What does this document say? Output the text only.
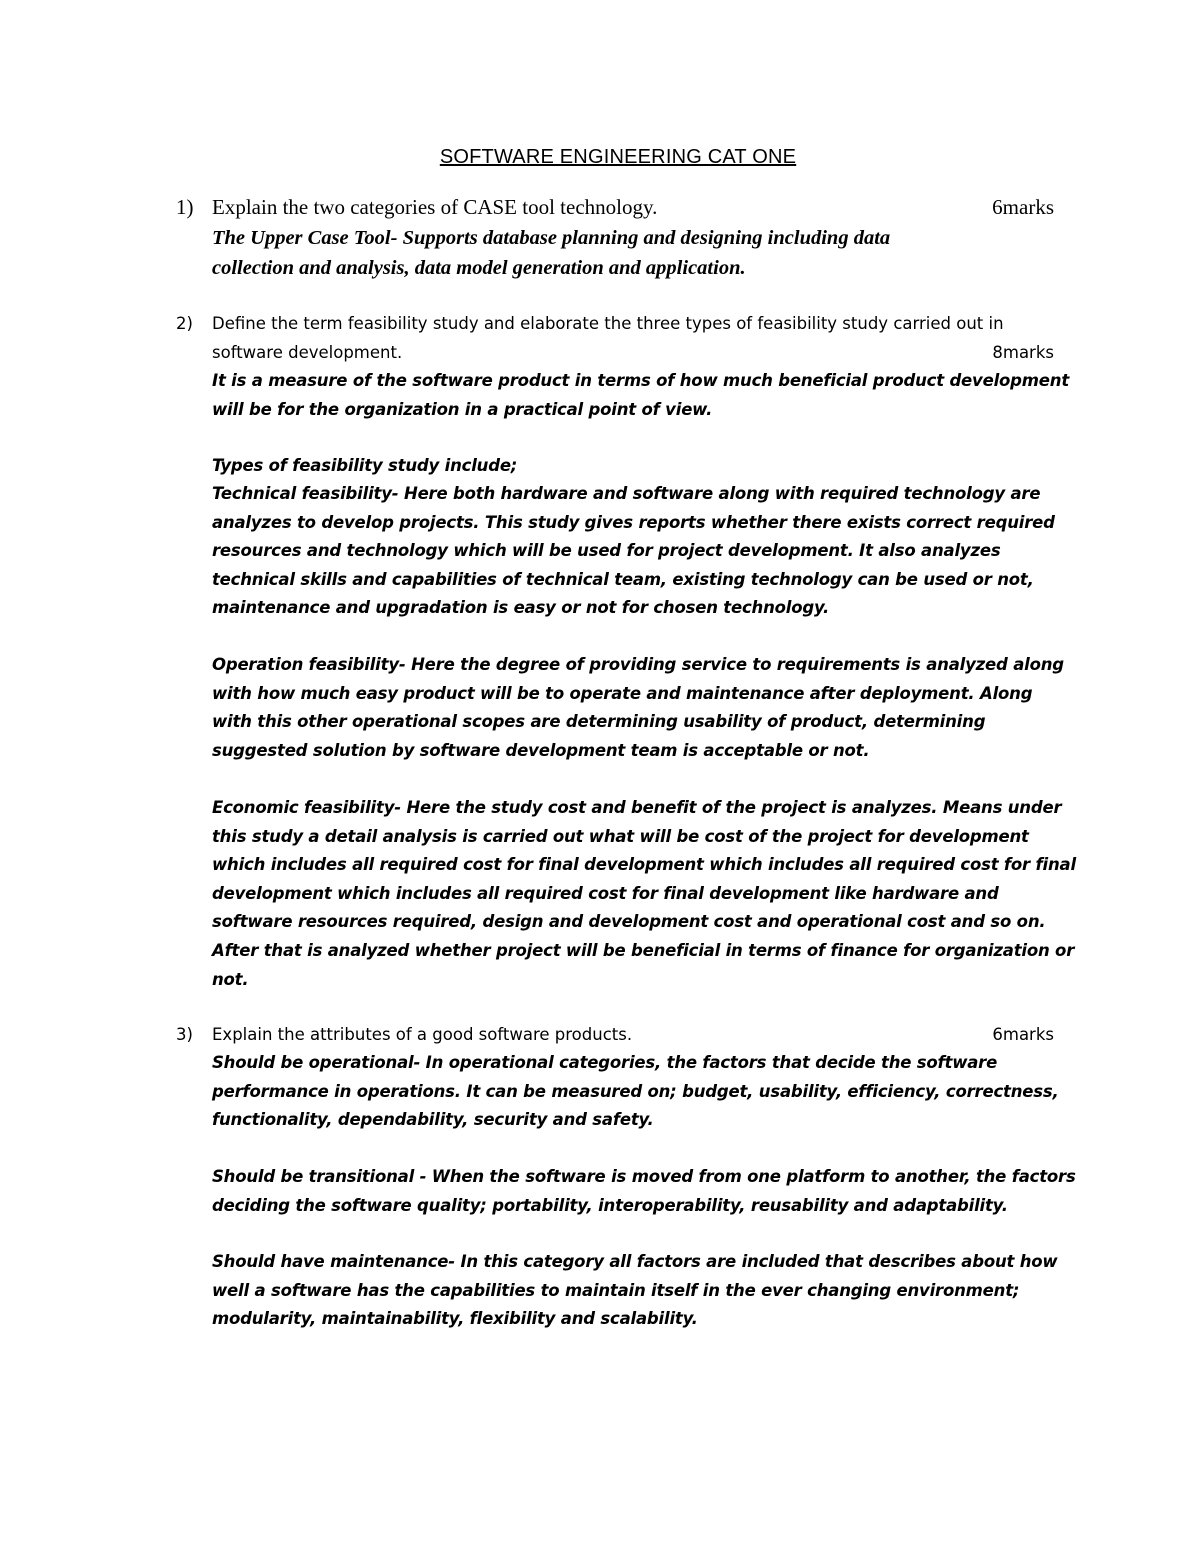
SOFTWARE ENGINEERING CAT ONE
1) Explain the two categories of CASE tool technology.	6marks
The Upper Case Tool- Supports database planning and designing including data
collection and analysis, data model generation and application.
2) Define the term feasibility study and elaborate the three types of feasibility study carried out in
software development.	8marks
It is a measure of the software product in terms of how much beneficial product development
will be for the organization in a practical point of view.
Types of feasibility study include;
Technical feasibility- Here both hardware and software along with required technology are
analyzes to develop projects. This study gives reports whether there exists correct required
resources and technology which will be used for project development. It also analyzes
technical skills and capabilities of technical team, existing technology can be used or not,
maintenance and upgradation is easy or not for chosen technology.
Operation feasibility- Here the degree of providing service to requirements is analyzed along
with how much easy product will be to operate and maintenance after deployment. Along
with this other operational scopes are determining usability of product, determining
suggested solution by software development team is acceptable or not.
Economic feasibility- Here the study cost and benefit of the project is analyzes. Means under
this study a detail analysis is carried out what will be cost of the project for development
which includes all required cost for final development which includes all required cost for final
development which includes all required cost for final development like hardware and
software resources required, design and development cost and operational cost and so on.
After that is analyzed whether project will be beneficial in terms of finance for organization or
not.
3) Explain the attributes of a good software products.	6marks
Should be operational- In operational categories, the factors that decide the software
performance in operations. It can be measured on; budget, usability, efficiency, correctness,
functionality, dependability, security and safety.
Should be transitional - When the software is moved from one platform to another, the factors
deciding the software quality; portability, interoperability, reusability and adaptability.
Should have maintenance- In this category all factors are included that describes about how
well a software has the capabilities to maintain itself in the ever changing environment;
modularity, maintainability, flexibility and scalability.
